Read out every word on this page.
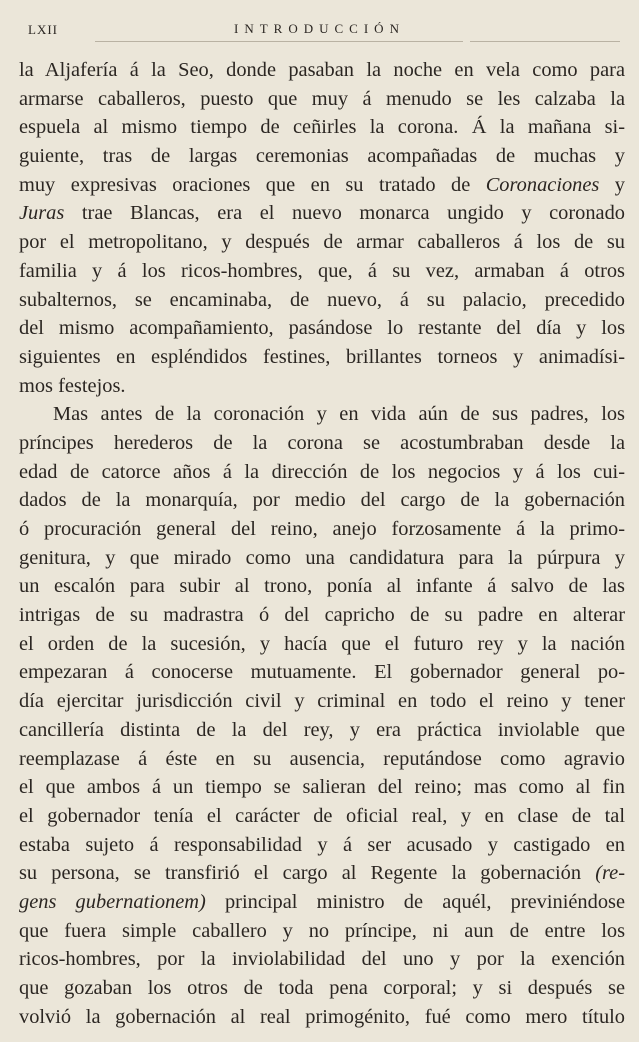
LXII	INTRODUCCIÓN
la Aljafería á la Seo, donde pasaban la noche en vela como para
armarse caballeros, puesto que muy á menudo se les calzaba la
espuela al mismo tiempo de ceñirles la corona. Á la mañana si-
guiente, tras de largas ceremonias acompañadas de muchas y
muy expresivas oraciones que en su tratado de Coronaciones y
Juras trae Blancas, era el nuevo monarca ungido y coronado
por el metropolitano, y después de armar caballeros á los de su
familia y á los ricos-hombres, que, á su vez, armaban á otros
subalternos, se encaminaba, de nuevo, á su palacio, precedido
del mismo acompañamiento, pasándose lo restante del día y los
siguientes en espléndidos festines, brillantes torneos y animadísi-
mos festejos.
Mas antes de la coronación y en vida aún de sus padres, los
príncipes herederos de la corona se acostumbraban desde la
edad de catorce años á la dirección de los negocios y á los cui-
dados de la monarquía, por medio del cargo de la gobernación
ó procuración general del reino, anejo forzosamente á la primo-
genitura, y que mirado como una candidatura para la púrpura y
un escalón para subir al trono, ponía al infante á salvo de las
intrigas de su madrastra ó del capricho de su padre en alterar
el orden de la sucesión, y hacía que el futuro rey y la nación
empezaran á conocerse mutuamente. El gobernador general po-
día ejercitar jurisdicción civil y criminal en todo el reino y tener
cancillería distinta de la del rey, y era práctica inviolable que
reemplazase á éste en su ausencia, reputándose como agravio
el que ambos á un tiempo se salieran del reino; mas como al fin
el gobernador tenía el carácter de oficial real, y en clase de tal
estaba sujeto á responsabilidad y á ser acusado y castigado en
su persona, se transfirió el cargo al Regente la gobernación (re-
gens gubernationem) principal ministro de aquél, previniéndose
que fuera simple caballero y no príncipe, ni aun de entre los
ricos-hombres, por la inviolabilidad del uno y por la exención
que gozaban los otros de toda pena corporal; y si después se
volvió la gobernación al real primogénito, fué como mero título
